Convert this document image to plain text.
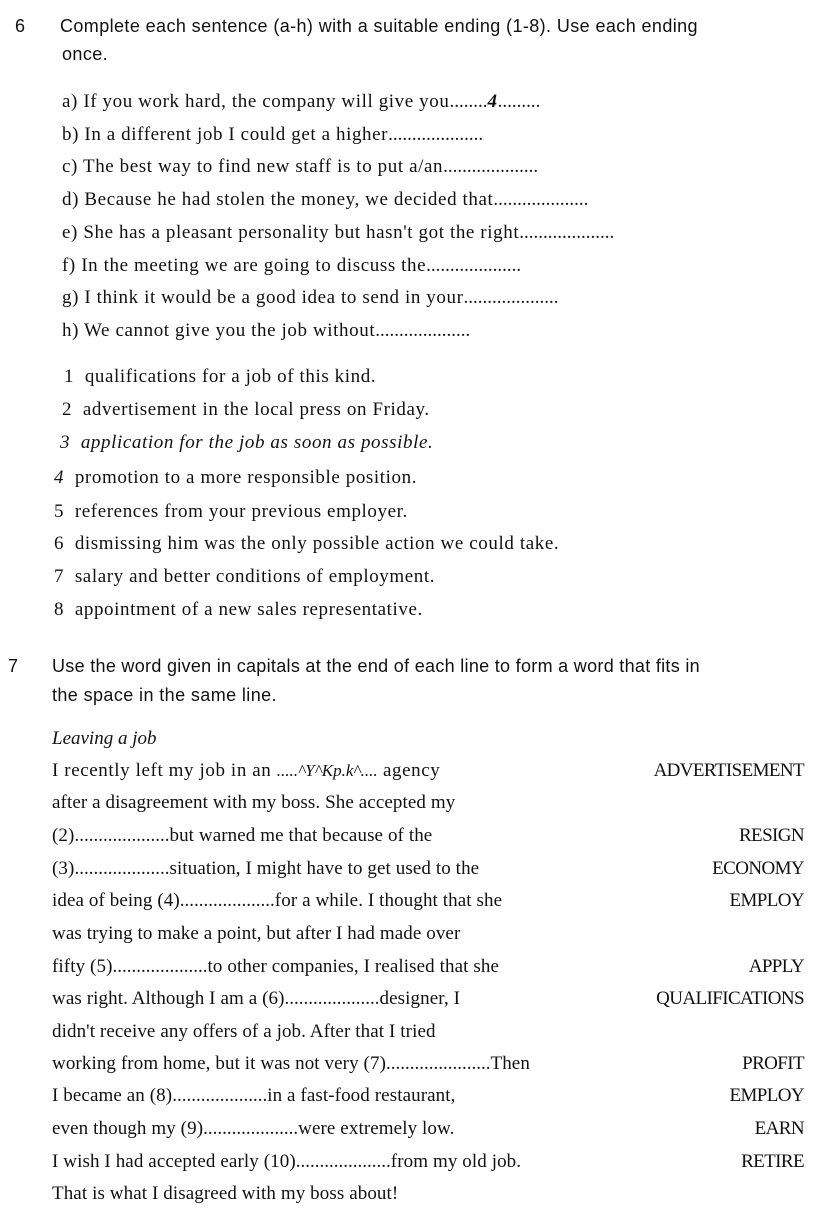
6 Complete each sentence (a-h) with a suitable ending (1-8). Use each ending
once.
a) If you work hard, the company will give you........4.........
b) In a different job I could get a higher....................
c) The best way to find new staff is to put a/an....................
d) Because he had stolen the money, we decided that....................
e) She has a pleasant personality but hasn't got the right....................
f) In the meeting we are going to discuss the....................
g) I think it would be a good idea to send in your....................
h) We cannot give you the job without....................
1 qualifications for a job of this kind.
2 advertisement in the local press on Friday.
3 application for the job as soon as possible.
4 promotion to a more responsible position.
5 references from your previous employer.
6 dismissing him was the only possible action we could take.
7 salary and better conditions of employment.
8 appointment of a new sales representative.
7 Use the word given in capitals at the end of each line to form a word that fits in
the space in the same line.
Leaving a job
I recently left my job in an .....^Y^Kp.k^.... agency	ADVERTISEMENT
after a disagreement with my boss. She accepted my
(2)....................but warned me that because of the	RESIGN
(3)....................situation, I might have to get used to the	ECONOMY
idea of being (4)....................for a while. I thought that she	EMPLOY
was trying to make a point, but after I had made over
fifty (5)....................to other companies, I realised that she	APPLY
was right. Although I am a (6)....................designer, I	QUALIFICATIONS
didn't receive any offers of a job. After that I tried
working from home, but it was not very (7)......................Then	PROFIT
I became an (8)....................in a fast-food restaurant,	EMPLOY
even though my (9)....................were extremely low.	EARN
I wish I had accepted early (10)....................from my old job.	RETIRE
That is what I disagreed with my boss about!
